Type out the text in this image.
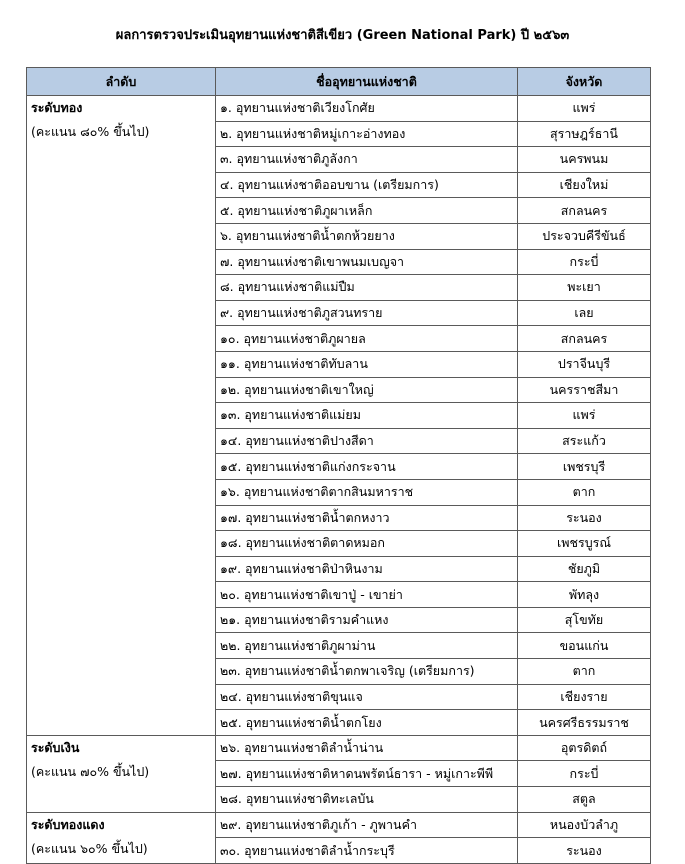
ผลการตรวจประเมินอุทยานแห่งชาติสีเขียว (Green National Park) ปี ๒๕๖๓
ลำดับ	ชื่ออุทยานแห่งชาติ	จังหวัด

ระดับทอง
(คะแนน ๘๐% ขึ้นไป)	๑. อุทยานแห่งชาติเวียงโกศัย	แพร่
	๒. อุทยานแห่งชาติหมู่เกาะอ่างทอง	สุราษฎร์ธานี
	๓. อุทยานแห่งชาติภูลังกา	นครพนม
	๔. อุทยานแห่งชาติออบขาน (เตรียมการ)	เชียงใหม่
	๕. อุทยานแห่งชาติภูผาเหล็ก	สกลนคร
	๖. อุทยานแห่งชาติน้ำตกห้วยยาง	ประจวบคีรีขันธ์
	๗. อุทยานแห่งชาติเขาพนมเบญจา	กระบี่
	๘. อุทยานแห่งชาติแม่ปืม	พะเยา
	๙. อุทยานแห่งชาติภูสวนทราย	เลย
	๑๐. อุทยานแห่งชาติภูผายล	สกลนคร
	๑๑. อุทยานแห่งชาติทับลาน	ปราจีนบุรี
	๑๒. อุทยานแห่งชาติเขาใหญ่	นครราชสีมา
	๑๓. อุทยานแห่งชาติแม่ยม	แพร่
	๑๔. อุทยานแห่งชาติปางสีดา	สระแก้ว
	๑๕. อุทยานแห่งชาติแก่งกระจาน	เพชรบุรี
	๑๖. อุทยานแห่งชาติตากสินมหาราช	ตาก
	๑๗. อุทยานแห่งชาติน้ำตกหงาว	ระนอง
	๑๘. อุทยานแห่งชาติตาดหมอก	เพชรบูรณ์
	๑๙. อุทยานแห่งชาติป่าหินงาม	ชัยภูมิ
	๒๐. อุทยานแห่งชาติเขาปู่ - เขาย่า	พัทลุง
	๒๑. อุทยานแห่งชาติรามคำแหง	สุโขทัย
	๒๒. อุทยานแห่งชาติภูผาม่าน	ขอนแก่น
	๒๓. อุทยานแห่งชาติน้ำตกพาเจริญ (เตรียมการ)	ตาก
	๒๔. อุทยานแห่งชาติขุนแจ	เชียงราย
	๒๕. อุทยานแห่งชาติน้ำตกโยง	นครศรีธรรมราช

ระดับเงิน
(คะแนน ๗๐% ขึ้นไป)	๒๖. อุทยานแห่งชาติลำน้ำน่าน	อุตรดิตถ์
	๒๗. อุทยานแห่งชาติหาดนพรัตน์ธารา - หมู่เกาะพีพี	กระบี่
	๒๘. อุทยานแห่งชาติทะเลบัน	สตูล

ระดับทองแดง
(คะแนน ๖๐% ขึ้นไป)	๒๙. อุทยานแห่งชาติภูเก้า - ภูพานคำ	หนองบัวลำภู
	๓๐. อุทยานแห่งชาติลำน้ำกระบุรี	ระนอง
